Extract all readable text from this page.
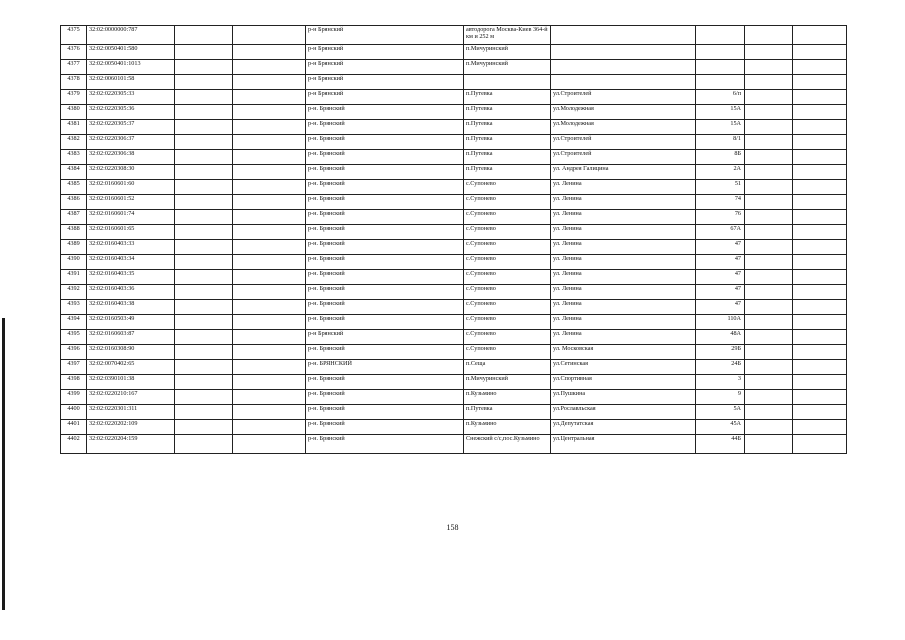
4375	32:02:0000000:787			р-н Брянский	автодорога Москва-Киев 364-й км и 252 м				
4376	32:02:0050401:580			р-н Брянский	п.Мичуринский				
4377	32:02:0050401:1013			р-н Брянский	п.Мичуринский				
4378	32:02:0060101:58			р-н Брянский					
4379	32:02:0220305:33			р-н Брянский	п.Путевка	ул.Строителей	6/п		
4380	32:02:0220305:36			р-н. Брянский	п.Путевка	ул.Молодежная	15А		
4381	32:02:0220305:37			р-н. Брянский	п.Путевка	ул.Молодежная	15А		
4382	32:02:0220306:37			р-н. Брянский	п.Путевка	ул.Строителей	8/1		
4383	32:02:0220306:38			р-н. Брянский	п.Путевка	ул.Строителей	8Б		
4384	32:02:0220308:30			р-н. Брянский	п.Путевка	ул. Андрея Галицина	2А		
4385	32:02:0160601:60			р-н. Брянский	с.Супонево	ул. Ленина	51		
4386	32:02:0160601:52			р-н. Брянский	с.Супонево	ул. Ленина	74		
4387	32:02:0160601:74			р-н. Брянский	с.Супонево	ул. Ленина	76		
4388	32:02:0160601:65			р-н. Брянский	с.Супонево	ул. Ленина	67А		
4389	32:02:0160403:33			р-н. Брянский	с.Супонево	ул. Ленина	47		
4390	32:02:0160403:34			р-н. Брянский	с.Супонево	ул. Ленина	47		
4391	32:02:0160403:35			р-н. Брянский	с.Супонево	ул. Ленина	47		
4392	32:02:0160403:36			р-н. Брянский	с.Супонево	ул. Ленина	47		
4393	32:02:0160403:38			р-н. Брянский	с.Супонево	ул. Ленина	47		
4394	32:02:0160503:49			р-н. Брянский	с.Супонево	ул. Ленина	110А		
4395	32:02:0160603:87			р-н Брянский	с.Супонево	ул. Ленина	48А		
4396	32:02:0160308:90			р-н. Брянский	с.Супонево	ул. Московская	29Б		
4397	32:02:0070402:65			р-н. БРЯНСКИЙ	п.Сеща	ул.Сетинская	24Б		
4398	32:02:0390101:38			р-н. Брянский	п.Мичуринский	ул.Спортивная	3		
4399	32:02:0220210:167			р-н. Брянский	п.Кузьмино	ул.Пушкина	9		
4400	32:02:0220301:311			р-н. Брянский	п.Путевка	ул.Рославльская	5А		
4401	32:02:0220202:109			р-н. Брянский	п.Кузьмино	ул.Депутатская	45А		
4402	32:02:0220204:159			р-н. Брянский	Снежский с/с,пос.Кузьмино	ул.Центральная	44Б		
158
